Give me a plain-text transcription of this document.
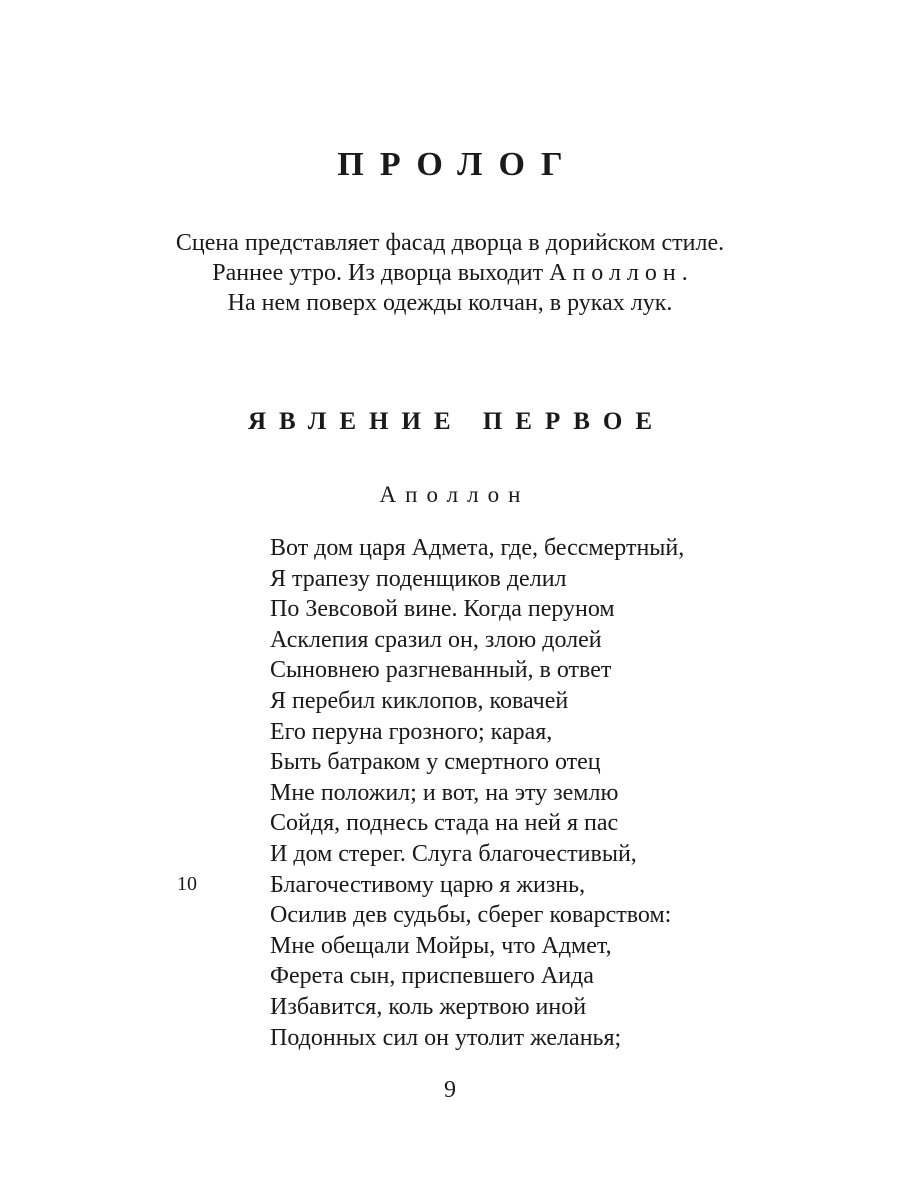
ПРОЛОГ
Сцена представляет фасад дворца в дорийском стиле.
Раннее утро. Из дворца выходит Аполлон.
На нем поверх одежды колчан, в руках лук.
ЯВЛЕНИЕ ПЕРВОЕ
Аполлон
Вот дом царя Адмета, где, бессмертный,
Я трапезу поденщиков делил
По Зевсовой вине. Когда перуном
Асклепия сразил он, злою долей
Сыновнею разгневанный, в ответ
Я перебил киклопов, ковачей
Его перуна грозного; карая,
Быть батраком у смертного отец
Мне положил; и вот, на эту землю
Сойдя, поднесь стада на ней я пас
И дом стерег. Слуга благочестивый,
Благочестивому царю я жизнь,
Осилив дев судьбы, сберег коварством:
Мне обещали Мойры, что Адмет,
Ферета сын, приспевшего Аида
Избавится, коль жертвою иной
Подонных сил он утолит желанья;
10
9
